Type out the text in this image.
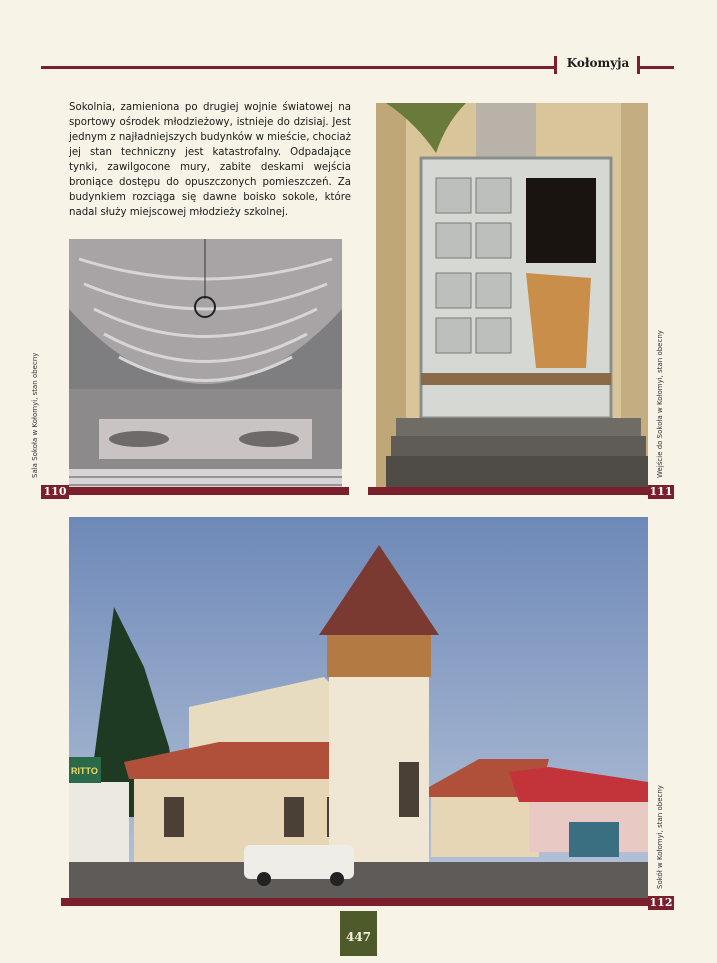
Kołomyja
Sokolnia, zamieniona po drugiej wojnie światowej na sportowy ośrodek młodzieżowy, istnieje do dzisiaj. Jest jednym z najładniejszych budynków w mieście, chociaż jej stan techniczny jest katastrofalny. Odpadające tynki, zawilgocone mury, zabite deskami wejścia broniące dostępu do opuszczonych pomieszczeń. Za budynkiem rozciąga się dawne boisko sokole, które nadal służy miejscowej młodzieży szkolnej.
110
Sala Sokoła w Kołomyi, stan obecny
111
Wejście do Sokoła w Kołomyi, stan obecny
RITTO
112
Sokół w Kołomyi, stan obecny
447
